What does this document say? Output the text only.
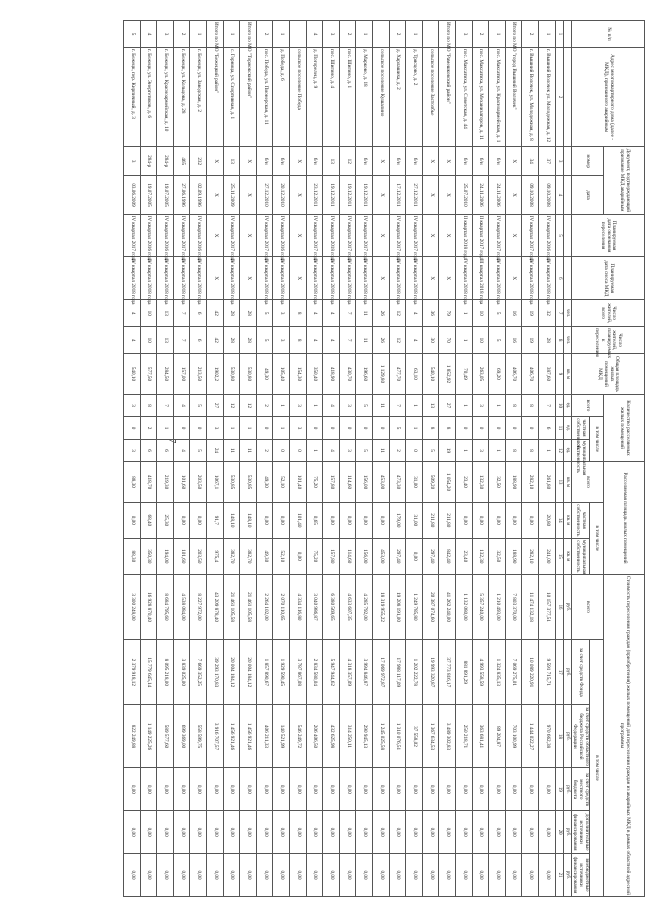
7
№ п/п	Адрес многоквартирного дома (далее - МКД), признанного аварийным	Документ, подтверждающий признание МКД аварийным		Планируемая дата окончания переселения	Планируемая дата сноса МКД	Число жителей, всего	Число жителей, планируемых к переселению	Общая площадь жилых помещений МКД	Количество расселяемых жилых помещений			Расселяемая площадь жилых помещений			Стоимость переселения граждан (приобретения) жилых помещений для переселения граждан из аварийных МКД в рамках областной адресной программы					
		номер	дата						всего	в том числе		всего	в том числе		всего	в том числе				
										частная собственность	муниципальная собственность		частная собственность	муниципальная собственность		за счет средств Фонда	за счет средств областного бюджета Российской Федерации	за счет средств местного бюджета	дополнительные источники финансирования	внебюджетные источники финансирования
						чел.	чел.	кв. м	ед.	ед.	ед.	кв. м	кв. м	кв. м	руб.	руб.	руб.	руб.	руб.	руб.
1	2	3	4	5	6	7	8	9	10	11	12	13	14	15	16	17	18	19	20	21
1	г. Вышний Волочек ул. Молодежная, д. 12	37	09.10.2008	IV квартал 2016 года	IV квартал 2018 года	32	28	387,60	7	6	1	261,80	20,80	241,00	10 157 377,51	9 591 715,71	970 662,38	0,00	0,00	0,00
2	г. Вышний Волочек, ул. Молодежная, д. 8	34	09.10.2008	IV квартал 2017 года	IV квартал 2018 года	19	19	406,70	8	0	8	282,10	0,00	282,10	11 474 132,18	10 089 220,91	1 444 022,27	0,00	0,00	0,00
Итого по МО "город Вышний Волочек"		X	X	X	X	16	16	406,70	8	0	8	188,90	0,00	188,90	7 803 370,00	7 069 275,01	703 100,99	0,00	0,00	0,00
1	пос. Максатиха, ул. Красноармейская, д. 1	6/н	24.11.2006	IV квартал 2017 года	IV квартал 2018 года	5	5	69,20	1	0	1	32,50	0,00	32,50	1 210 493,00	1 324 835,13	89 204,87	0,00	0,00	0,00
2	пос. Максатиха, ул. Механизаторов, д. 11	6/н	24.11.2006	II квартал 2017 года	III квартал 2018 года	10	10	263,05	3	0	3	132,30	0,00	132,30	5 357 240,00	4 993 558,59	363 681,41	0,00	0,00	0,00
3	пос. Максатиха, ул. Советская, д. 44	6/н	25.07.2010	II квартал 2018 года	IV квартал 2018 года	1	1	70,49	1	0	1	23,40	0,00	23,40	1 132 080,00	881 891,29	250 218,71	0,00	0,00	0,00
Итого по МО "Рамешковский район"		X	X	X	X	79	70	1 852,92	27	8	19	1 054,20	211,80	842,40	41 262 240,00	37 773 816,17	3 489 302,83	0,00	0,00	0,00
	сельское поселение Застолбье	X	X	X	X	36	30	540,10	13	8	5	509,20	211,80	297,40	20 387 074,60	19 993 320,87	1 367 634,53	0,00	0,00	0,00
1	д. Трясцово, д. 2	6/н	27.12.2011	IV квартал 2017 года	IV квартал 2018 года	4	4	63,10	1	1	0	31,00	31,00	0,00	1 249 785,80	1 202 222,78	37 558,02	0,00	0,00	0,00
2	д. Харлашиха, д. 2	6/н	17.12.2011	IV квартал 2017 года	IV квартал 2018 года	12	12	477,70	7	5	2	473,30	179,00	297,40	19 208 191,00	17 988 117,09	1 310 076,51	0,00	0,00	0,00
	сельское поселение Кушалино	X	X	X	X	26	26	1 129,80	11	0	11	453,00	0,00	453,00	18 319 955,22	17 069 972,87	1 245 025,58	0,00	0,00	0,00
1	д. Марково, д. 18	6/н	19.12.2011	IV квартал 2017 года	IV квартал 2018 года	11	11	196,60	5	0	5	156,00	0,00	156,00	4 285 792,00	3 994 846,87	290 945,13	0,00	0,00	0,00
2	пос. Шигино, д. 1	12	19.12.2011	IV квартал 2017 года	IV квартал 2018 года	7	7	430,70	3	0	3	114,60	0,00	114,60	4 633 607,35	4 318 357,09	314 250,11	0,00	0,00	0,00
3	пос. Шигино, д. 4	13	19.12.2011	IV квартал 2018 года	IV квартал 2018 года	4	4	418,90	4	0	4	157,80	0,00	157,80	6 380 569,65	5 947 944,62	432 625,98	0,00	0,00	0,00
4	д. Погорелец, д. 9	6/н	23.12.2011	IV квартал 2017 года	IV квартал 2018 года	4	4	350,40	1	0	1	75,20	0,65	75,20	3 040 986,87	2 834 580,04	206 406,50	0,00	0,00	0,00
	сельское поселение Победа	X	X	X	X	8	8	154,30	3	3	0	101,40	101,40	0,00	4 334 116,80	3 787 867,08	546 249,72	0,00	0,00	0,00
1	д. Победа, д. 6	6/н	20.12.2010	IV квартал 2016 года	IV квартал 2018 года	3	3	105,40	1	1	0	52,10	0,00	52,10	2 070 110,65	1 929 590,45	140 521,99	0,00	0,00	0,00
2	пос. Победа, ул. Пионерская, д. 11	6/н	27.12.2010	IV квартал 2017 года	IV квартал 2018 года	5	5	49,30	2	0	2	49,30	0,00	49,30	2 264 102,00	1 857 890,67	406 211,33	0,00	0,00	0,00
Итого по МО "Торжокский район"		X	X	X	X	28	28	530,80	12	1	11	530,85	148,10	382,70	21 461 105,58	20 004 184,12	1 456 921,46	0,00	0,00	0,00
1	с. Горница, ул. Спортивная, д. 1	13	25.11.2009	IV квартал 2017 года	IV квартал 2018 года	28	28	530,80	12	1	11	530,85	148,10	382,70	21 461 105,58	20 004 184,12	1 456 921,46	0,00	0,00	0,00
Итого по МО "Бежецкий район"		X	X	X	X	42	42	1902,2	27	3	24	1067,1	91,7	975,4	43 209 878,40	39 293 170,83	3 916 707,57	0,00	0,00	0,00
1	г. Бежецк, ул. Заводская, д. 2	232	02.09.1996	IV квартал 2016 года	IV квартал 2018 года	6	6	213,50	5	0	5	203,50	0,00	203,50	8 227 972,00	7 669 352,25	558 599,75	0,00	0,00	0,00
2	г. Бежецк, ул. Кольцова, д. 28	465	27.06.1996	IV квартал 2017 года	IV квартал 2018 года	7	7	157,00	4	0	4	101,60	0,00	101,60	4 538 084,00	3 839 025,00	699 369,00	0,00	0,00	0,00
3	г. Бежецк, ул. Красноармейская, д. 10	284-р	19.07.2005	IV квартал 2016 года	IV квартал 2018 года	13	13	284,50	7	1	6	219,30	25,30	194,00	8 684 795,60	8 095 218,00	589 577,60	0,00	0,00	0,00
4	г. Бежецк, ул. Энергетиков, д. 6	284-р	19.07.2005	IV квартал 2016 года	IV квартал 2018 года	10	10	577,50	8	2	6	418,70	68,40	350,30	16 928 870,40	15 779 645,14	1 149 225,26	0,00	0,00	0,00
5	г. Бежецк, пер. Кирпичный, д. 3	3	03.06.2009	IV квартал 2017 года	IV квартал 2018 года	4	4	540,10	3	0	3	88,30	0,00	88,30	3 300 248,00	2 379 918,12	822 249,88	0,00	0,00	0,00
